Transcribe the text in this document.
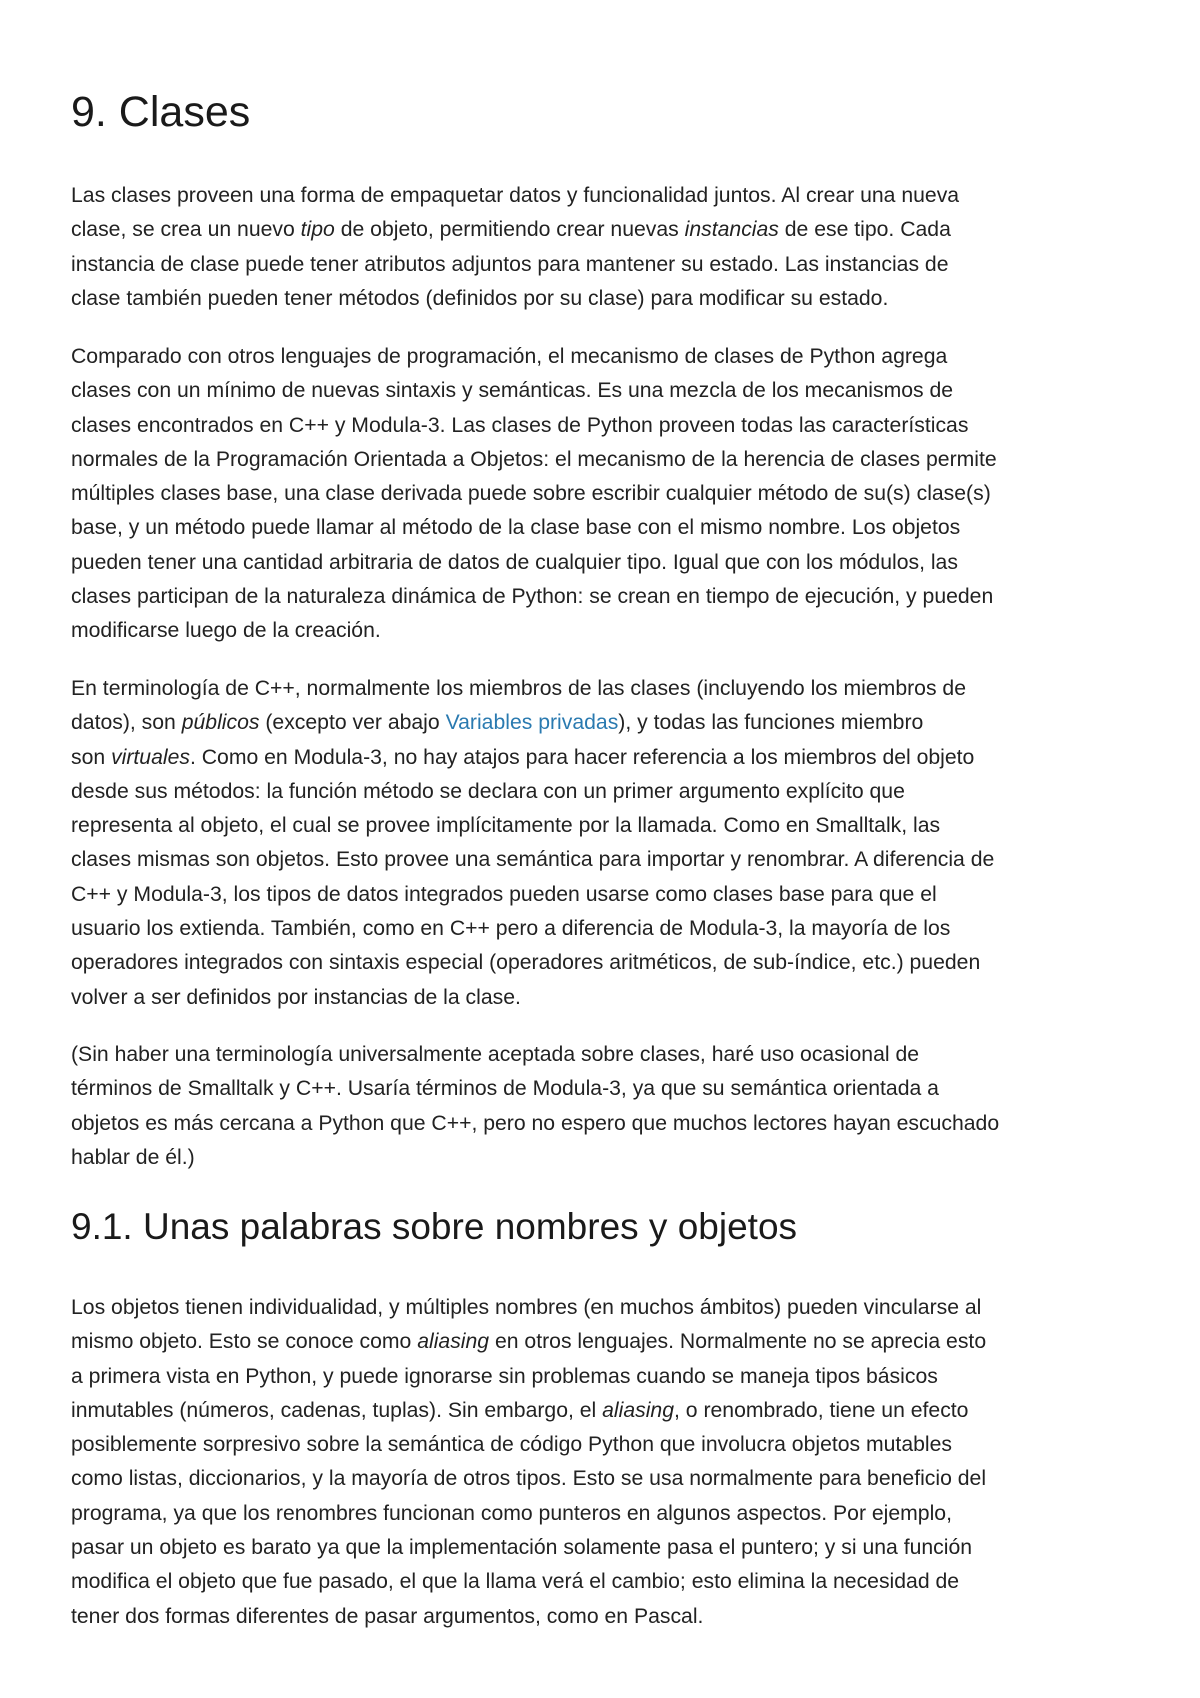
9. Clases
Las clases proveen una forma de empaquetar datos y funcionalidad juntos. Al crear una nueva
clase, se crea un nuevo tipo de objeto, permitiendo crear nuevas instancias de ese tipo. Cada
instancia de clase puede tener atributos adjuntos para mantener su estado. Las instancias de
clase también pueden tener métodos (definidos por su clase) para modificar su estado.
Comparado con otros lenguajes de programación, el mecanismo de clases de Python agrega
clases con un mínimo de nuevas sintaxis y semánticas. Es una mezcla de los mecanismos de
clases encontrados en C++ y Modula-3. Las clases de Python proveen todas las características
normales de la Programación Orientada a Objetos: el mecanismo de la herencia de clases permite
múltiples clases base, una clase derivada puede sobre escribir cualquier método de su(s) clase(s)
base, y un método puede llamar al método de la clase base con el mismo nombre. Los objetos
pueden tener una cantidad arbitraria de datos de cualquier tipo. Igual que con los módulos, las
clases participan de la naturaleza dinámica de Python: se crean en tiempo de ejecución, y pueden
modificarse luego de la creación.
En terminología de C++, normalmente los miembros de las clases (incluyendo los miembros de
datos), son públicos (excepto ver abajo Variables privadas), y todas las funciones miembro
son virtuales. Como en Modula-3, no hay atajos para hacer referencia a los miembros del objeto
desde sus métodos: la función método se declara con un primer argumento explícito que
representa al objeto, el cual se provee implícitamente por la llamada. Como en Smalltalk, las
clases mismas son objetos. Esto provee una semántica para importar y renombrar. A diferencia de
C++ y Modula-3, los tipos de datos integrados pueden usarse como clases base para que el
usuario los extienda. También, como en C++ pero a diferencia de Modula-3, la mayoría de los
operadores integrados con sintaxis especial (operadores aritméticos, de sub-índice, etc.) pueden
volver a ser definidos por instancias de la clase.
(Sin haber una terminología universalmente aceptada sobre clases, haré uso ocasional de
términos de Smalltalk y C++. Usaría términos de Modula-3, ya que su semántica orientada a
objetos es más cercana a Python que C++, pero no espero que muchos lectores hayan escuchado
hablar de él.)
9.1. Unas palabras sobre nombres y objetos
Los objetos tienen individualidad, y múltiples nombres (en muchos ámbitos) pueden vincularse al
mismo objeto. Esto se conoce como aliasing en otros lenguajes. Normalmente no se aprecia esto
a primera vista en Python, y puede ignorarse sin problemas cuando se maneja tipos básicos
inmutables (números, cadenas, tuplas). Sin embargo, el aliasing, o renombrado, tiene un efecto
posiblemente sorpresivo sobre la semántica de código Python que involucra objetos mutables
como listas, diccionarios, y la mayoría de otros tipos. Esto se usa normalmente para beneficio del
programa, ya que los renombres funcionan como punteros en algunos aspectos. Por ejemplo,
pasar un objeto es barato ya que la implementación solamente pasa el puntero; y si una función
modifica el objeto que fue pasado, el que la llama verá el cambio; esto elimina la necesidad de
tener dos formas diferentes de pasar argumentos, como en Pascal.
